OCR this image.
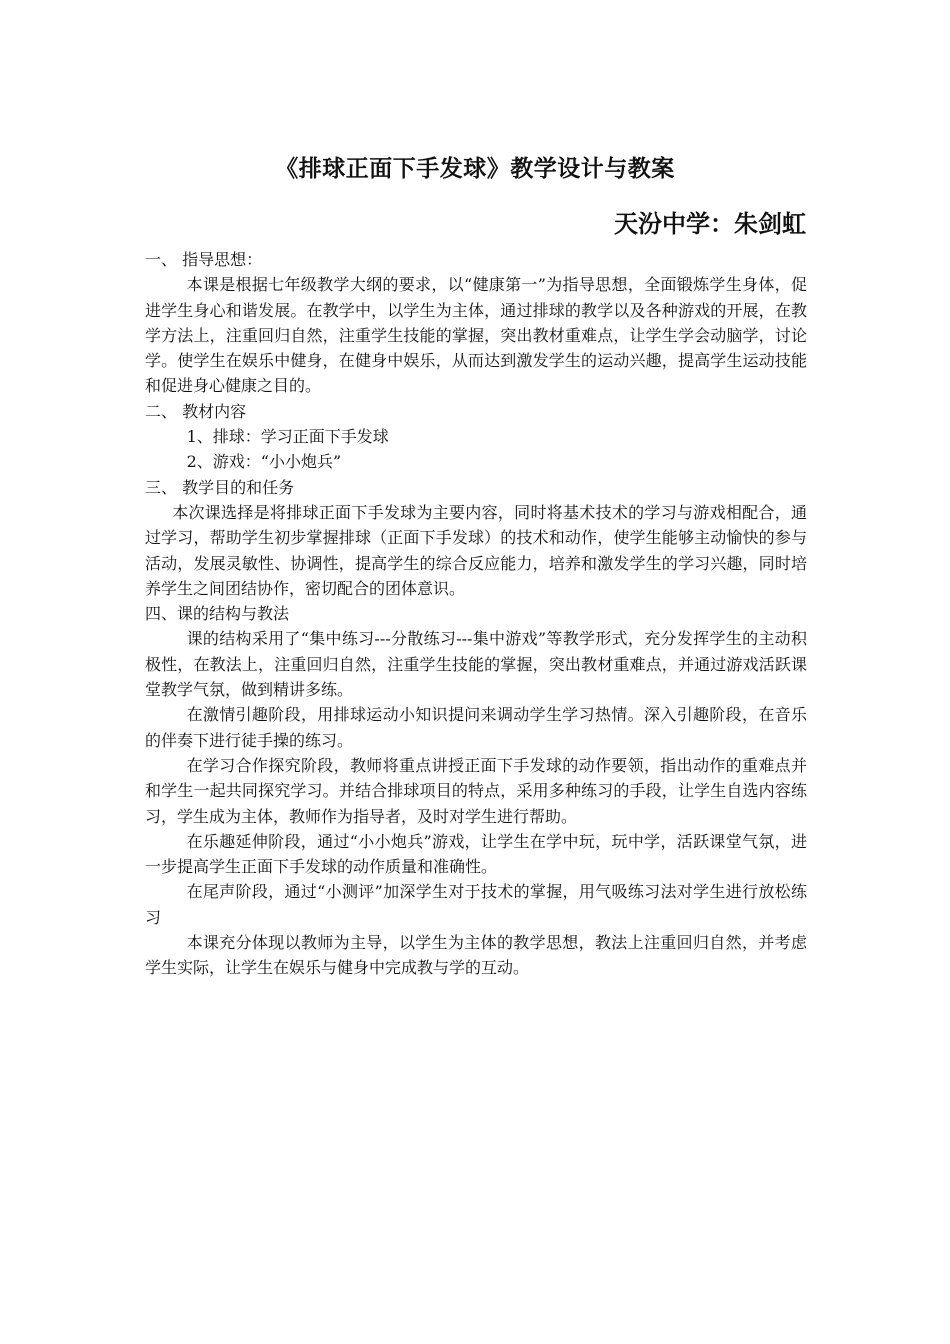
《排球正面下手发球》教学设计与教案
天汾中学：朱剑虹

一、 指导思想：

本课是根据七年级教学大纲的要求，以“健康第一”为指导思想，全面锻炼学生身体，促进学生身心和谐发展。在教学中，以学生为主体，通过排球的教学以及各种游戏的开展，在教学方法上，注重回归自然，注重学生技能的掌握，突出教材重难点，让学生学会动脑学，讨论学。使学生在娱乐中健身，在健身中娱乐，从而达到激发学生的运动兴趣，提高学生运动技能和促进身心健康之目的。

二、 教材内容

1、排球：学习正面下手发球

2、游戏：“小小炮兵”

三、 教学目的和任务

本次课选择是将排球正面下手发球为主要内容，同时将基术技术的学习与游戏相配合，通过学习，帮助学生初步掌握排球（正面下手发球）的技术和动作，使学生能够主动愉快的参与活动，发展灵敏性、协调性，提高学生的综合反应能力，培养和激发学生的学习兴趣，同时培养学生之间团结协作，密切配合的团体意识。

四、课的结构与教法

课的结构采用了“集中练习---分散练习---集中游戏”等教学形式，充分发挥学生的主动积极性，在教法上，注重回归自然，注重学生技能的掌握，突出教材重难点，并通过游戏活跃课堂教学气氛，做到精讲多练。

在激情引趣阶段，用排球运动小知识提问来调动学生学习热情。深入引趣阶段，在音乐的伴奏下进行徒手操的练习。

在学习合作探究阶段，教师将重点讲授正面下手发球的动作要领，指出动作的重难点并和学生一起共同探究学习。并结合排球项目的特点，采用多种练习的手段，让学生自选内容练习，学生成为主体，教师作为指导者，及时对学生进行帮助。

在乐趣延伸阶段，通过“小小炮兵”游戏，让学生在学中玩，玩中学，活跃课堂气氛，进一步提高学生正面下手发球的动作质量和准确性。

在尾声阶段，通过“小测评”加深学生对于技术的掌握，用气吸练习法对学生进行放松练习

本课充分体现以教师为主导，以学生为主体的教学思想，教法上注重回归自然，并考虑学生实际，让学生在娱乐与健身中完成教与学的互动。
